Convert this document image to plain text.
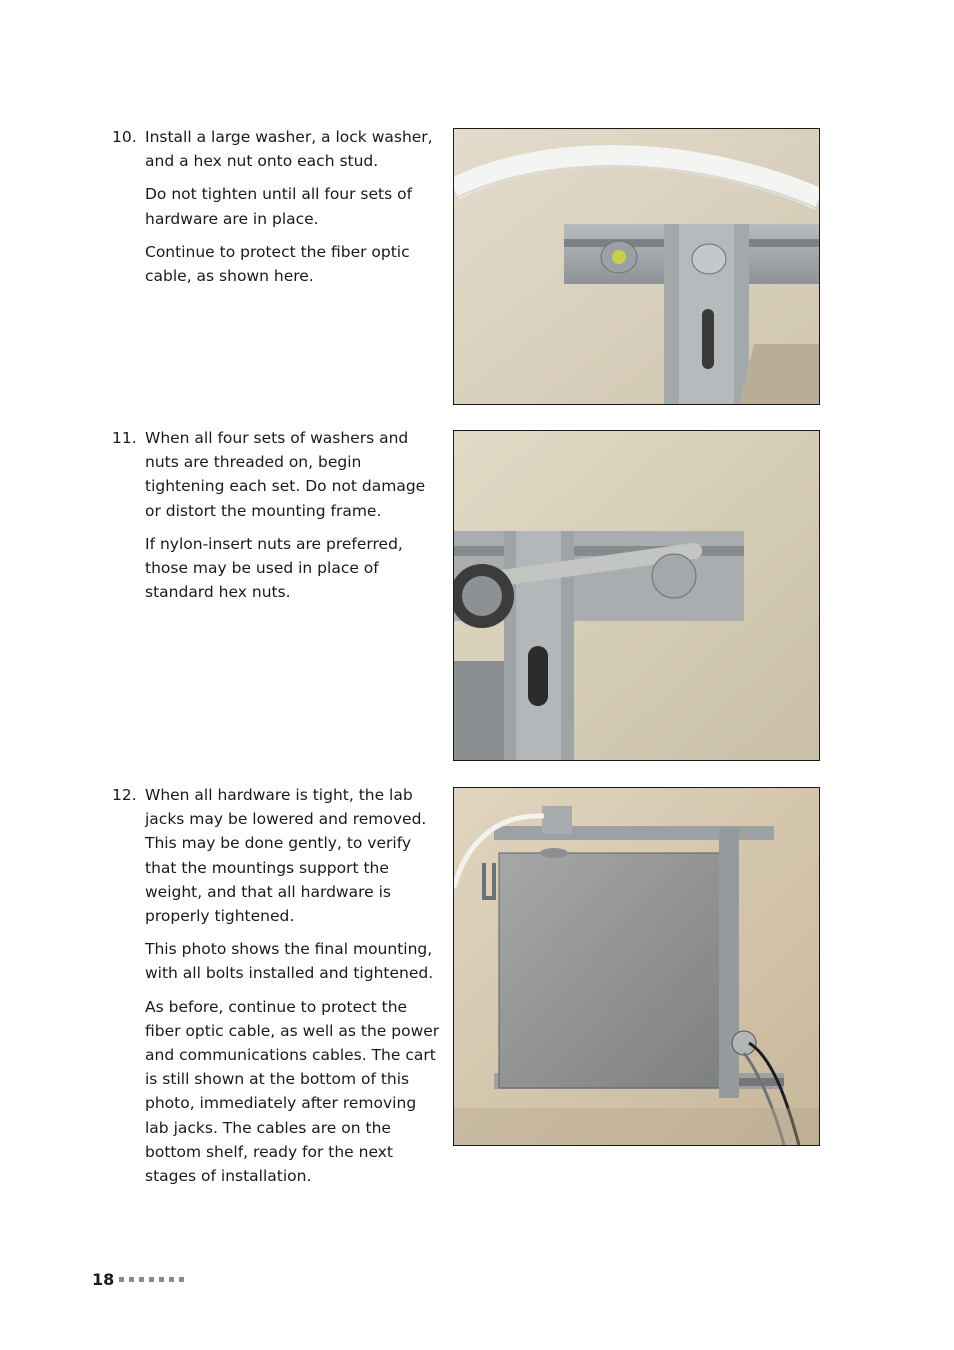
10. Install a large washer, a lock washer, and a hex nut onto each stud.

Do not tighten until all four sets of hardware are in place.

Continue to protect the fiber optic cable, as shown here.

11. When all four sets of washers and nuts are threaded on, begin tightening each set. Do not damage or distort the mounting frame.

If nylon-insert nuts are preferred, those may be used in place of standard hex nuts.

12. When all hardware is tight, the lab jacks may be lowered and removed. This may be done gently, to verify that the mountings support the weight, and that all hardware is properly tightened.

This photo shows the final mounting, with all bolts installed and tightened.

As before, continue to protect the fiber optic cable, as well as the power and communications cables. The cart is still shown at the bottom of this photo, immediately after removing lab jacks. The cables are on the bottom shelf, ready for the next stages of installation.

18
